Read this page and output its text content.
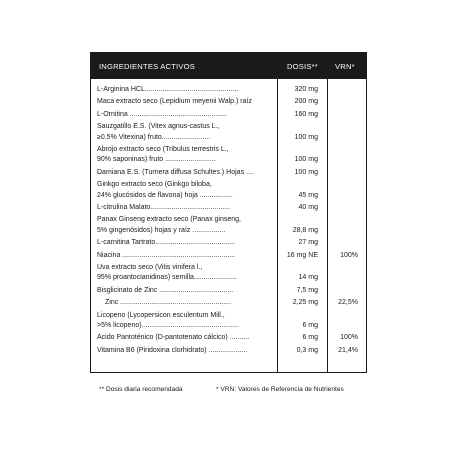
INGREDIENTES ACTIVOS	DOSIS** VRN*
L-Arginina HCL................................................	320 mg
Maca extracto seco (Lepidium meyenii Walp.) raíz	200 mg
L-Ornitina ..................................................	160 mg
Sauzgatillo E.S. (Vitex agnus-castus L.,
≥0.5% Vitexina) fruto.........................	100 mg
Abrojo extracto seco (Tribulus terrestris L.,
90% saponinas) fruto ..........................	100 mg
Damiana E.S. (Turnera diffusa Schultes.) Hojas ....	100 mg
Ginkgo extracto seco (Ginkgo biloba,
24% glucósidos de flavona) hoja .................	45 mg
L-citrulina Malato.........................................	40 mg
Panax Ginseng extracto seco (Panax ginseng,
5% gingenósidos) hojas y raíz .................	28,8 mg
L-carnitina Tartrato.........................................	27 mg
Niacina ..........................................................	16 mg NE	100%
Uva extracto seco (Vitis vinifera l.,
95% proantocianidinas) semilla......................	14 mg
Bisglicinato de Zinc ......................................	7,5 mg
Zinc .........................................................	2,25 mg	22,5%
Licopeno (Lycopersicon esculentum Mill.,
>5% licopeno)..................................................	6 mg
Ácido Pantoténico (D-pantotenato cálcico) ..........	6 mg	100%
Vitamina B6 (Piridoxina clorhidrato) ....................	0,3 mg	21,4%
** Dosis diaria recomendada	* VRN: Valores de Referencia de Nutrientes
